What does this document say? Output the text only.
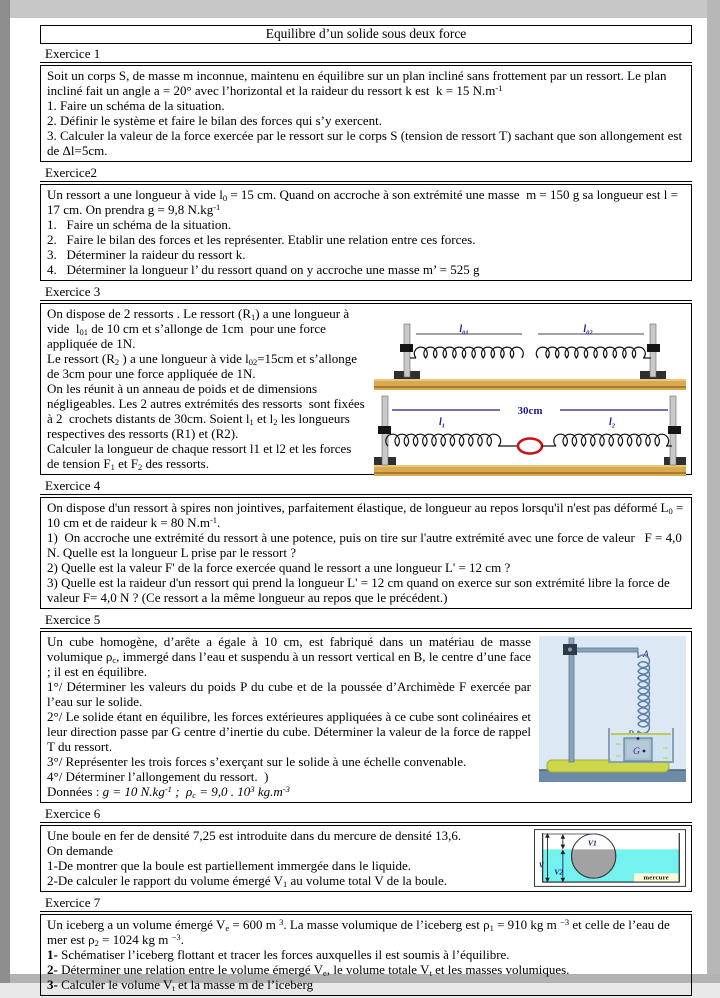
Equilibre d’un solide sous deux force
Exercice 1
Soit un corps S, de masse m inconnue, maintenu en équilibre sur un plan incliné sans frottement par un ressort. Le plan incliné fait un angle a = 20° avec l’horizontal et la raideur du ressort k est  k = 15 $N.m^{-1}$
1. Faire un schéma de la situation.
2. Définir le système et faire le bilan des forces qui s’y exercent.
3. Calculer la valeur de la force exercée par le ressort sur le corps S (tension de ressort T) sachant que son allongement est de Δl=5cm.
Exercice2
Un ressort a une longueur à vide $l_0 = 15$ cm. Quand on accroche à son extrémité une masse  m = 150 g sa longueur est l = 17 cm. On prendra g = 9,8 $N.kg^{-1}$
1.   Faire un schéma de la situation.
2.   Faire le bilan des forces et les représenter. Etablir une relation entre ces forces.
3.   Déterminer la raideur du ressort k.
4.   Déterminer la longueur l’ du ressort quand on y accroche une masse m’ = 525 g
Exercice 3
$l_{01}$	$l_{02}$
30cm
$l_1$	$l_2$
On dispose de 2 ressorts . Le ressort $(R_1)$ a une longueur à vide  $l_{01}$ de 10 cm et s’allonge de 1cm  pour une force appliquée de 1N.
Le ressort ($R_2$ ) a une longueur à vide $l_{02}=15cm$ et s’allonge de 3cm pour une force appliquée de 1N.
On les réunit à un anneau de poids et de dimensions négligeables. Les 2 autres extrémités des ressorts  sont fixées à 2  crochets distants de 30cm. Soient $l_1$ et $l_2$ les longueurs respectives des ressorts (R1) et (R2).
Calculer la longueur de chaque ressort l1 et l2 et les forces de tension $F_1$ et $F_2$ des ressorts.
Exercice 4
On dispose d'un ressort à spires non jointives, parfaitement élastique, de longueur au repos lorsqu'il n'est pas déformé $L_0 = 10$ cm et de raideur k = 80 $N.m^{-1}$.
1)  On accroche une extrémité du ressort à une potence, puis on tire sur l'autre extrémité avec une force de valeur   F = 4,0 N. Quelle est la longueur L prise par le ressort ?
2) Quelle est la valeur F' de la force exercée quand le ressort a une longueur L' = 12 cm ?
3) Quelle est la raideur d'un ressort qui prend la longueur L' = 12 cm quand on exerce sur son extrémité libre la force de valeur F= 4,0 N ? (Ce ressort a la même longueur au repos que le précédent.)
Exercice 5
A
G
Un cube homogène, d’arête a égale à 10 cm, est fabriqué dans un matériau de masse volumique $\rho_c$, immergé dans l’eau et suspendu à un ressort vertical en B, le centre d’une face ; il est en équilibre.
1°/ Déterminer les valeurs du poids P du cube et de la poussée d’Archimède F exercée par l’eau sur le solide.
2°/ Le solide étant en équilibre, les forces extérieures appliquées à ce cube sont colinéaires et leur direction passe par G centre d’inertie du cube. Déterminer la valeur de la force de rappel T du ressort.
3°/ Représenter les trois forces s’exerçant sur le solide à une échelle convenable.
4°/ Déterminer l’allongement du ressort.  )
Données : g = 10 $N.kg^{-1}$ ;  $\rho_c = 9,0$ . $10^3$ $kg.m^{-3}$
Exercice 6
V1
V
V2
mercure
Une boule en fer de densité 7,25 est introduite dans du mercure de densité 13,6.
On demande
1-De montrer que la boule est partiellement immergée dans le liquide.
2-De calculer le rapport du volume émergé $V_1$ au volume total V de la boule.
Exercice 7
Un iceberg a un volume émergé $V_e = 600$ m $^3$. La masse volumique de l’iceberg est $\rho_1 = 910$ kg m $^{-3}$ et celle de l’eau de mer est $\rho_2 = 1024$ kg m $^{-3}$.
1- Schématiser l’iceberg flottant et tracer les forces auxquelles il est soumis à l’équilibre.
2- Déterminer une relation entre le volume émergé $V_e$, le volume totale $V_t$ et les masses volumiques.
3- Calculer le volume $V_t$ et la masse m de l’iceberg
